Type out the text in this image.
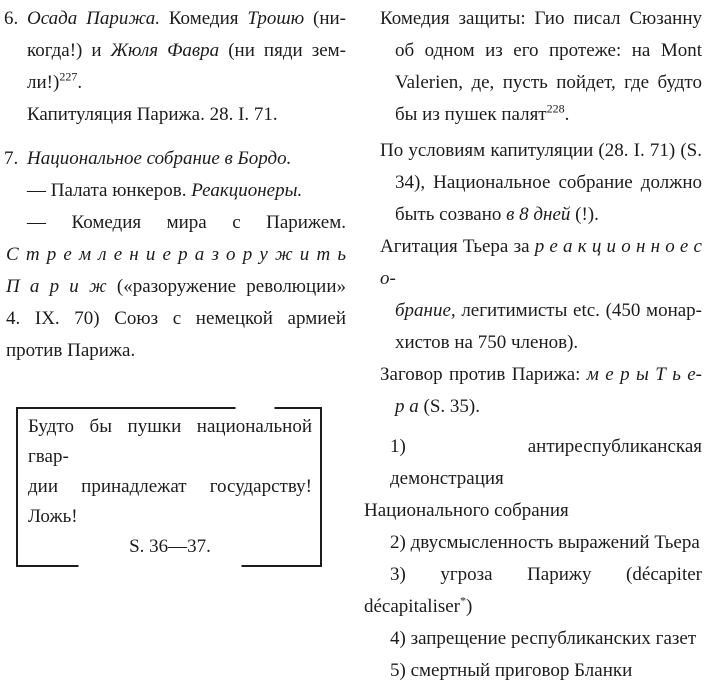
6. Осада Парижа. Комедия Трошю (ни-
когда!) и Жюля Фавра (ни пяди зем-
ли!)$^{227}$.
Капитуляция Парижа. 28. I. 71.
7. Национальное собрание в Бордо.
— Палата юнкеров. Реакционеры.
— Комедия мира с Парижем.
С т р е м л е н и е р а з о р у ж и т ь
П а р и ж («разоружение революции»
4. IX. 70) Союз с немецкой армией
против Парижа.
Будто бы пушки национальной гвар-
дии принадлежат государству! Ложь!
S. 36—37.
Комедия защиты: Гио писал Сюзанну
об одном из его протеже: на Mont
Valerien, де, пусть пойдет, где будто
бы из пушек палят$^{228}$.
По условиям капитуляции (28. I. 71) (S.
34), Национальное собрание должно
быть созвано в 8 дней (!).
Агитация Тьера за р е а к ц и о н н о е с о-
брание, легитимисты etc. (450 монар-
хистов на 750 членов).
Заговор против Парижа: м е р ы Т ь е-
р а (S. 35).
1) антиреспубликанская демонстрация
Национального собрания
2) двусмысленность выражений Тьера
3) угроза Парижу (décapiter
décapitaliser*)
4) запрещение республиканских газет
5) смертный приговор Бланки
